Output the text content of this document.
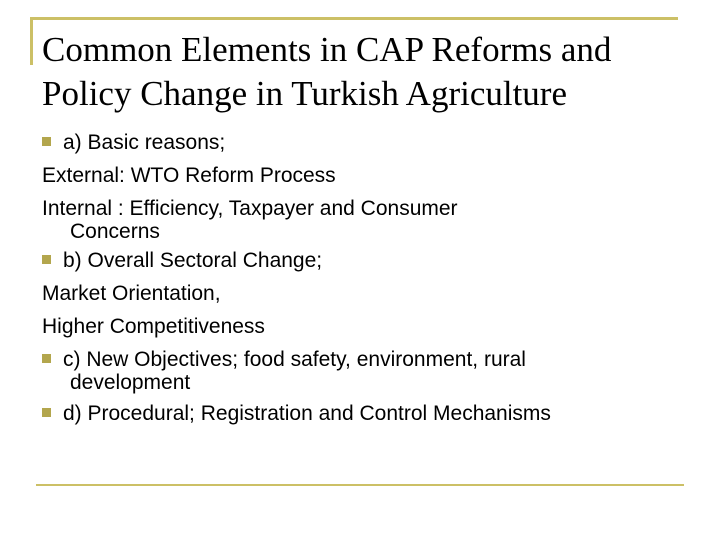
Common Elements in CAP Reforms and
Policy Change in Turkish Agriculture
a) Basic reasons;
External: WTO Reform Process
Internal : Efficiency, Taxpayer and Consumer
Concerns
b) Overall Sectoral Change;
Market Orientation,
Higher Competitiveness
c) New Objectives; food safety, environment, rural
development
d) Procedural; Registration and Control Mechanisms
